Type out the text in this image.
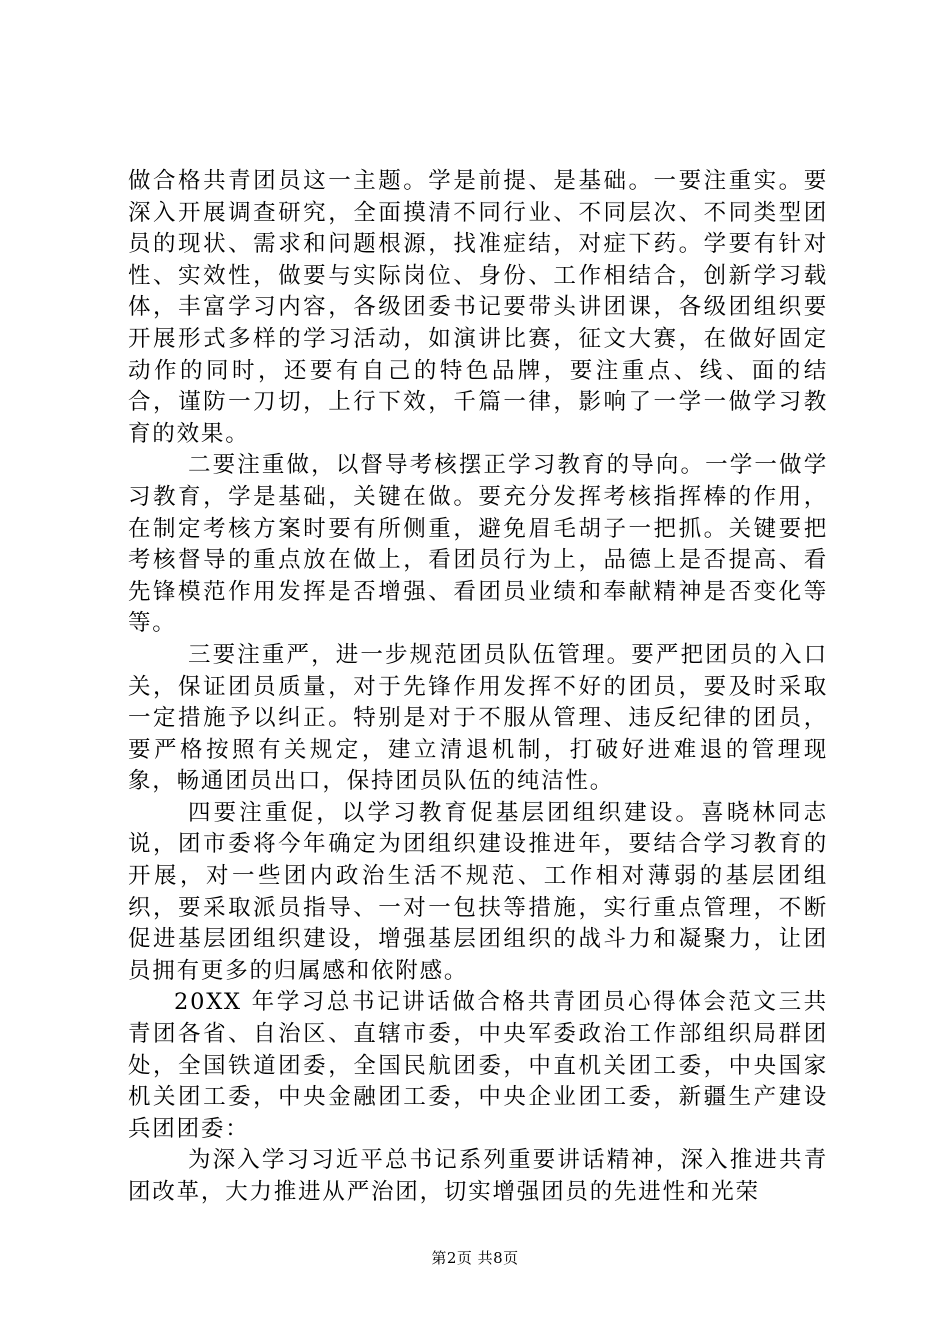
做合格共青团员这一主题。学是前提、是基础。一要注重实。要深入开展调查研究，全面摸清不同行业、不同层次、不同类型团员的现状、需求和问题根源，找准症结，对症下药。学要有针对性、实效性，做要与实际岗位、身份、工作相结合，创新学习载体，丰富学习内容，各级团委书记要带头讲团课，各级团组织要开展形式多样的学习活动，如演讲比赛，征文大赛，在做好固定动作的同时，还要有自己的特色品牌，要注重点、线、面的结合，谨防一刀切，上行下效，千篇一律，影响了一学一做学习教育的效果。

二要注重做，以督导考核摆正学习教育的导向。一学一做学习教育，学是基础，关键在做。要充分发挥考核指挥棒的作用，在制定考核方案时要有所侧重，避免眉毛胡子一把抓。关键要把考核督导的重点放在做上，看团员行为上，品德上是否提高、看先锋模范作用发挥是否增强、看团员业绩和奉献精神是否变化等等。

三要注重严，进一步规范团员队伍管理。要严把团员的入口关，保证团员质量，对于先锋作用发挥不好的团员，要及时采取一定措施予以纠正。特别是对于不服从管理、违反纪律的团员，要严格按照有关规定，建立清退机制，打破好进难退的管理现象，畅通团员出口，保持团员队伍的纯洁性。

四要注重促，以学习教育促基层团组织建设。喜晓林同志说，团市委将今年确定为团组织建设推进年，要结合学习教育的开展，对一些团内政治生活不规范、工作相对薄弱的基层团组织，要采取派员指导、一对一包扶等措施，实行重点管理，不断促进基层团组织建设，增强基层团组织的战斗力和凝聚力，让团员拥有更多的归属感和依附感。

20XX 年学习总书记讲话做合格共青团员心得体会范文三共青团各省、自治区、直辖市委，中央军委政治工作部组织局群团处，全国铁道团委，全国民航团委，中直机关团工委，中央国家机关团工委，中央金融团工委，中央企业团工委，新疆生产建设兵团团委：

为深入学习习近平总书记系列重要讲话精神，深入推进共青团改革，大力推进从严治团，切实增强团员的先进性和光荣

第2页 共8页
